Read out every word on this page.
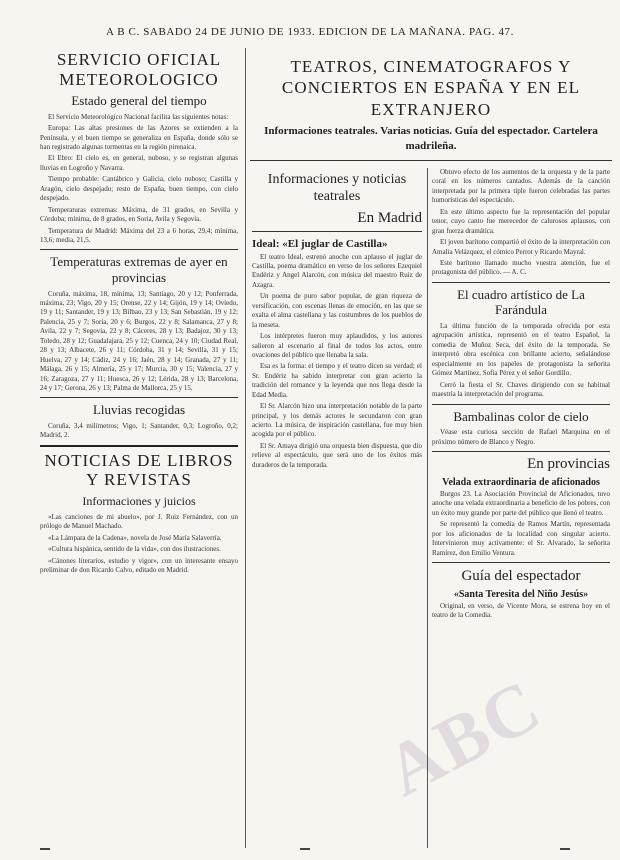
A B C. SABADO 24 DE JUNIO DE 1933. EDICION DE LA MAÑANA. PAG. 47.
SERVICIO OFICIAL METEOROLOGICO
Estado general del tiempo

El Servicio Meteorológico Nacional facilita las siguientes notas:

Europa: Las altas presiones de las Azores se extienden a la Península, y el buen tiempo se generaliza en España, donde sólo se han registrado algunas tormentas en la región pirenaica.

El Ebro: El cielo es, en general, nuboso, y se registran algunas lluvias en Logroño y Navarra.

Tiempo probable: Cantábrico y Galicia, cielo nuboso; Castilla y Aragón, cielo despejado; resto de España, buen tiempo, con cielo despejado.

Temperaturas extremas: Máxima, de 31 grados, en Sevilla y Córdoba; mínima, de 8 grados, en Soria, Avila y Segovia.

Temperatura de Madrid: Máxima del 23 a 6 horas, 29,4; mínima, 13,6; media, 21,5.

Temperaturas extremas de ayer en provincias

Coruña, máxima, 18, mínima, 13; Santiago, 20 y 12; Ponferrada, máxima, 23; Vigo, 20 y 15; Orense, 22 y 14; Gijón, 19 y 14; Oviedo, 19 y 11; Santander, 19 y 13; Bilbao, 23 y 13; San Sebastián, 19 y 12; Palencia, 25 y 7; Soria, 20 y 6; Burgos, 22 y 8; Salamanca, 27 y 8; Avila, 22 y 7; Segovia, 22 y 8; Cáceres, 28 y 13; Badajoz, 30 y 13; Toledo, 28 y 12; Guadalajara, 25 y 12; Cuenca, 24 y 10; Ciudad Real, 28 y 13; Albacete, 26 y 11; Córdoba, 31 y 14; Sevilla, 31 y 15; Huelva, 27 y 14; Cádiz, 24 y 16; Jaén, 28 y 14; Granada, 27 y 11; Málaga, 26 y 15; Almería, 25 y 17; Murcia, 30 y 15; Valencia, 27 y 16; Zaragoza, 27 y 11; Huesca, 26 y 12; Lérida, 28 y 13; Barcelona, 24 y 17; Gerona, 26 y 13; Palma de Mallorca, 25 y 15.

Lluvias recogidas

Coruña, 3,4 milímetros; Vigo, 1; Santander, 0,3; Logroño, 0,2; Madrid, 2.

NOTICIAS DE LIBROS Y REVISTAS
Informaciones y juicios

«Las canciones de mi abuelo», por J. Ruiz Fernández, con un prólogo de Manuel Machado.

«La Lámpara de la Cadena», novela de José María Salaverría.

«Cultura hispánica, sentido de la vida», con dos ilustraciones.

«Cánones literarios, estudio y vigor», con un interesante ensayo preliminar de don Ricardo Calvo, editado en Madrid.

TEATROS, CINEMATOGRAFOS Y CONCIERTOS EN ESPAÑA Y EN EL EXTRANJERO
Informaciones teatrales. Varias noticias. Guía del espectador. Cartelera madrileña.
Informaciones y noticias teatrales
En Madrid
Ideal: «El juglar de Castilla»

El teatro Ideal, estrenó anoche con aplauso el juglar de Castilla, poema dramático en verso de los señores Ezequiel Endériz y Angel Alarcón, con música del maestro Ruiz de Azagra.

Un poema de puro sabor popular, de gran riqueza de versificación, con escenas llenas de emoción, en las que se exalta el alma castellana y las costumbres de los pueblos de la meseta.

Los intérpretes fueron muy aplaudidos, y los autores salieron al escenario al final de todos los actos, entre ovaciones del público que llenaba la sala.

Esa es la forma: el tiempo y el teatro dicen su verdad; el Sr. Endériz ha sabido interpretar con gran acierto la tradición del romance y la leyenda que nos llega desde la Edad Media.

El Sr. Alarcón hizo una interpretación notable de la parte principal, y los demás actores le secundaron con gran acierto. La música, de inspiración castellana, fue muy bien acogida por el público.

El Sr. Amaya dirigió una orquesta bien dispuesta, que dio relieve al espectáculo, que será uno de los éxitos más duraderos de la temporada.

Obtuvo efecto de los aumentos de la orquesta y de la parte coral en los números cantados. Además de la canción interpretada por la primera tiple fueron celebradas las partes humorísticas del espectáculo.

En este último aspecto fue la representación del popular tenor, cuyo canto fue merecedor de calurosos aplausos, con gran fuerza dramática.

El joven barítono compartió el éxito de la interpretación con Amalia Velázquez, el cómico Perrot y Ricardo Mayral.

Este barítono llamado mucho vuestra atención, fue el protagonista del público. — A. C.

El cuadro artístico de La Farándula

La última función de la temporada ofrecida por esta agrupación artística, representó en el teatro Español, la comedia de Muñoz Seca, del éxito de la temporada. Se interpretó obra escénica con brillante acierto, señalándose especialmente en los papeles de protagonista la señorita Gómez Martínez, Sofía Pérez y el señor Gordillo.

Cerró la fiesta el Sr. Chaves dirigiendo con su habitual maestría la interpretación del programa.

Bambalinas color de cielo

Véase esta curiosa sección de Rafael Marquina en el próximo número de Blanco y Negro.

En provincias
Velada extraordinaria de aficionados

Burgos 23. La Asociación Provincial de Aficionados, tuvo anoche una velada extraordinaria a beneficio de los pobres, con un éxito muy grande por parte del público que llenó el teatro.

Se representó la comedia de Ramos Martín, representada por los aficionados de la localidad con singular acierto. Intervinieron muy activamente: el Sr. Alvarado, la señorita Ramírez, don Emilio Ventura.

Guía del espectador
«Santa Teresita del Niño Jesús»

Original, en verso, de Vicente Mora, se estrena hoy en el teatro de la Comedia.

ABC
